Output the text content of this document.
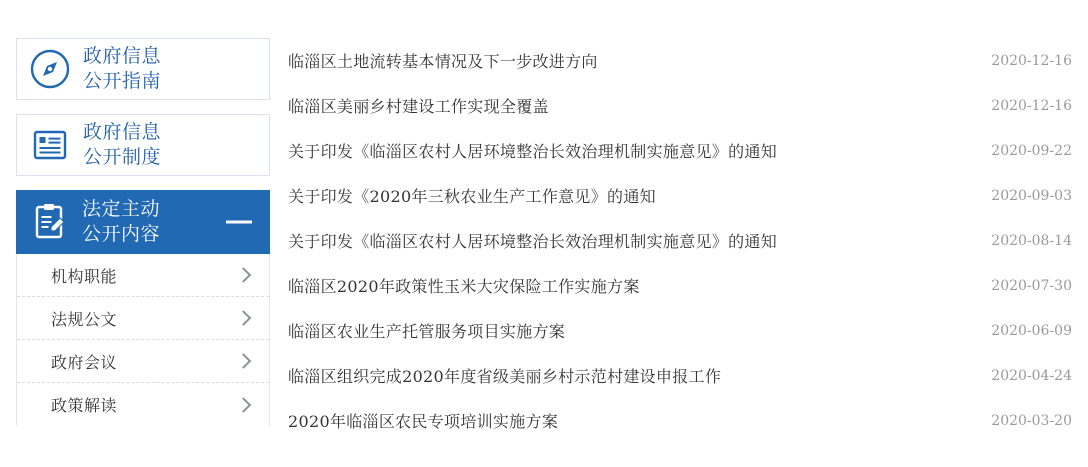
政府信息
公开指南
政府信息
公开制度
法定主动
公开内容
机构职能
法规公文
政府会议
政策解读
临淄区土地流转基本情况及下一步改进方向	2020-12-16
临淄区美丽乡村建设工作实现全覆盖	2020-12-16
关于印发《临淄区农村人居环境整治长效治理机制实施意见》的通知	2020-09-22
关于印发《2020年三秋农业生产工作意见》的通知	2020-09-03
关于印发《临淄区农村人居环境整治长效治理机制实施意见》的通知	2020-08-14
临淄区2020年政策性玉米大灾保险工作实施方案	2020-07-30
临淄区农业生产托管服务项目实施方案	2020-06-09
临淄区组织完成2020年度省级美丽乡村示范村建设申报工作	2020-04-24
2020年临淄区农民专项培训实施方案	2020-03-20
